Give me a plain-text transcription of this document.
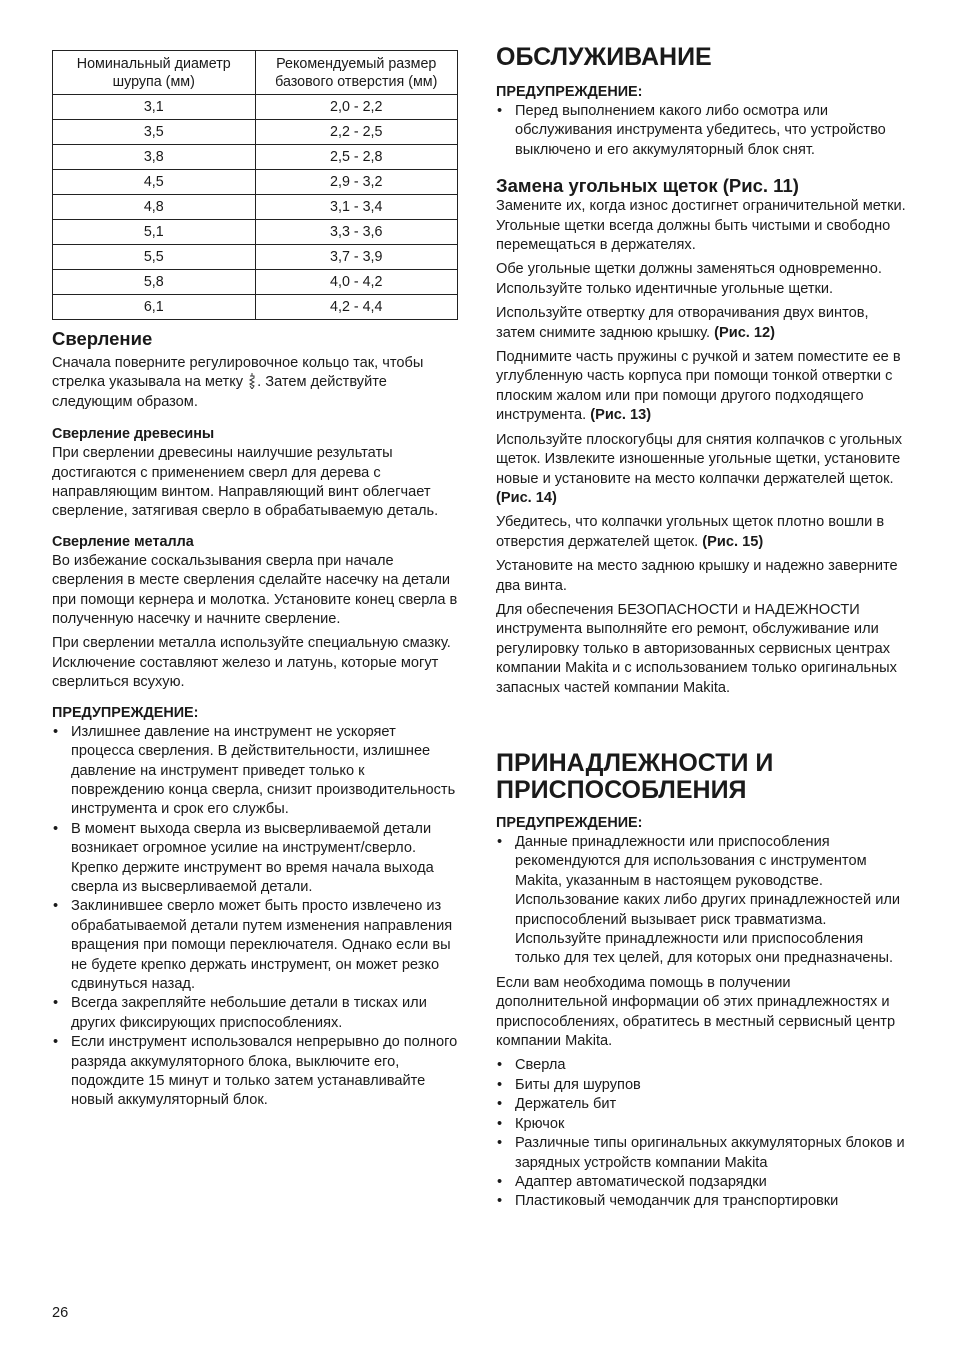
Номинальный диаметр шурупа (мм)	Рекомендуемый размер базового отверстия (мм)
3,1	2,0 - 2,2
3,5	2,2 - 2,5
3,8	2,5 - 2,8
4,5	2,9 - 3,2
4,8	3,1 - 3,4
5,1	3,3 - 3,6
5,5	3,7 - 3,9
5,8	4,0 - 4,2
6,1	4,2 - 4,4
Сверление

Сначала поверните регулировочное кольцо так, чтобы стрелка указывала на метку . Затем действуйте следующим образом.

Сверление древесины

При сверлении древесины наилучшие результаты достигаются с применением сверл для дерева с направляющим винтом. Направляющий винт облегчает сверление, затягивая сверло в обрабатываемую деталь.

Сверление металла

Во избежание соскальзывания сверла при начале сверления в месте сверления сделайте насечку на детали при помощи кернера и молотка. Установите конец сверла в полученную насечку и начните сверление.

При сверлении металла используйте специальную смазку. Исключение составляют железо и латунь, которые могут сверлиться всухую.

ПРЕДУПРЕЖДЕНИЕ:
• Излишнее давление на инструмент не ускоряет процесса сверления. В действительности, излишнее давление на инструмент приведет только к повреждению конца сверла, снизит производительность инструмента и срок его службы.
• В момент выхода сверла из высверливаемой детали возникает огромное усилие на инструмент/сверло. Крепко держите инструмент во время начала выхода сверла из высверливаемой детали.
• Заклинившее сверло может быть просто извлечено из обрабатываемой детали путем изменения направления вращения при помощи переключателя. Однако если вы не будете крепко держать инструмент, он может резко сдвинуться назад.
• Всегда закрепляйте небольшие детали в тисках или других фиксирующих приспособлениях.
• Если инструмент использовался непрерывно до полного разряда аккумуляторного блока, выключите его, подождите 15 минут и только затем устанавливайте новый аккумуляторный блок.
ОБСЛУЖИВАНИЕ
ПРЕДУПРЕЖДЕНИЕ:
• Перед выполнением какого либо осмотра или обслуживания инструмента убедитесь, что устройство выключено и его аккумуляторный блок снят.
Замена угольных щеток (Рис. 11)

Замените их, когда износ достигнет ограничительной метки. Угольные щетки всегда должны быть чистыми и свободно перемещаться в держателях.

Обе угольные щетки должны заменяться одновременно. Используйте только идентичные угольные щетки.

Используйте отвертку для отворачивания двух винтов, затем снимите заднюю крышку. (Рис. 12)

Поднимите часть пружины с ручкой и затем поместите ее в углубленную часть корпуса при помощи тонкой отвертки с плоским жалом или при помощи другого подходящего инструмента. (Рис. 13)

Используйте плоскогубцы для снятия колпачков с угольных щеток. Извлеките изношенные угольные щетки, установите новые и установите на место колпачки держателей щеток. (Рис. 14)

Убедитесь, что колпачки угольных щеток плотно вошли в отверстия держателей щеток. (Рис. 15)

Установите на место заднюю крышку и надежно заверните два винта.

Для обеспечения БЕЗОПАСНОСТИ и НАДЕЖНОСТИ инструмента выполняйте его ремонт, обслуживание или регулировку только в авторизованных сервисных центрах компании Makita и с использованием только оригинальных запасных частей компании Makita.

ПРИНАДЛЕЖНОСТИ И
ПРИСПОСОБЛЕНИЯ
ПРЕДУПРЕЖДЕНИЕ:
• Данные принадлежности или приспособления рекомендуются для использования с инструментом Makita, указанным в настоящем руководстве. Использование каких либо других принадлежностей или приспособлений вызывает риск травматизма. Используйте принадлежности или приспособления только для тех целей, для которых они предназначены.

Если вам необходима помощь в получении дополнительной информации об этих принадлежностях и приспособлениях, обратитесь в местный сервисный центр компании Makita.

• Сверла
• Биты для шурупов
• Держатель бит
• Крючок
• Различные типы оригинальных аккумуляторных блоков и зарядных устройств компании Makita
• Адаптер автоматической подзарядки
• Пластиковый чемоданчик для транспортировки
26
